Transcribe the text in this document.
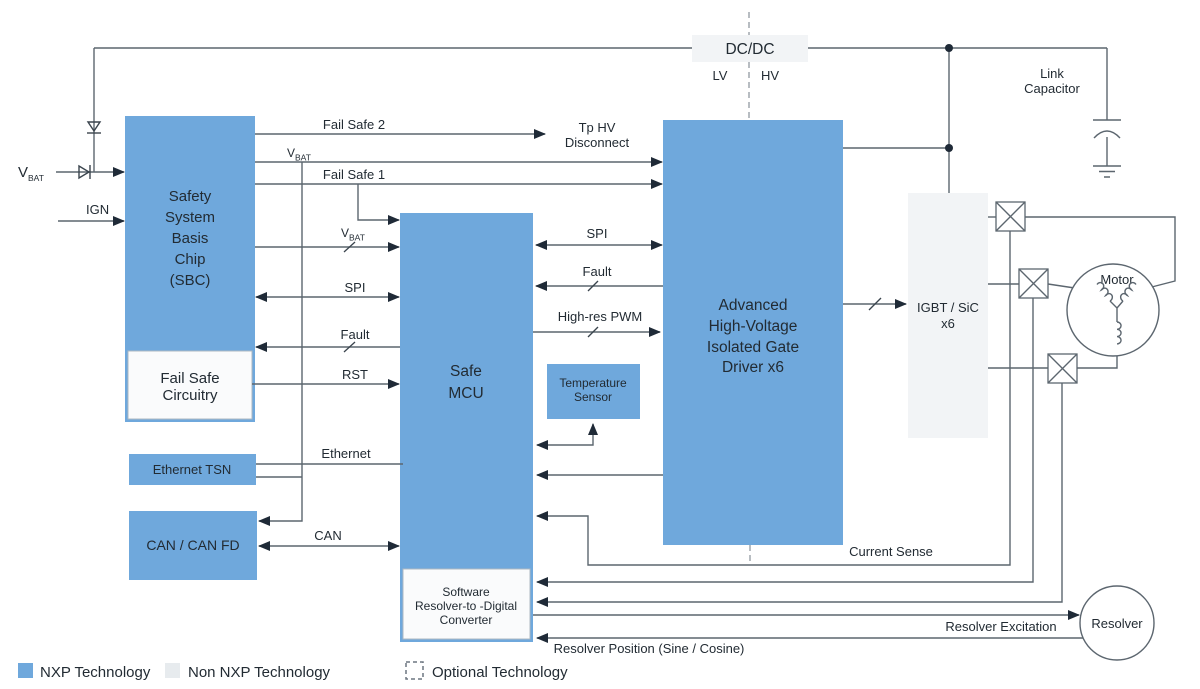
DC/DC
LV	HV	Link
Capacitor
$V_{BAT}$
IGN
Safety
System
Basis
Chip
(SBC)
Fail Safe
Circuitry
Ethernet TSN
CAN / CAN FD
Safe
MCU
Software
Resolver-to -Digital
Converter
Temperature
Sensor
Advanced
High-Voltage
Isolated Gate
Driver x6
IGBT / SiC
x6
Fail Safe 2	Tp HV
Disconnect
$V_{BAT}$
Fail Safe 1
$V_{BAT}$
SPI
Fault
RST
Ethernet
CAN
SPI
Fault
High-res PWM
Motor
Current Sense
Resolver Excitation
Resolver Position (Sine / Cosine)
Resolver
NXP Technology	Non NXP Technology	Optional Technology
